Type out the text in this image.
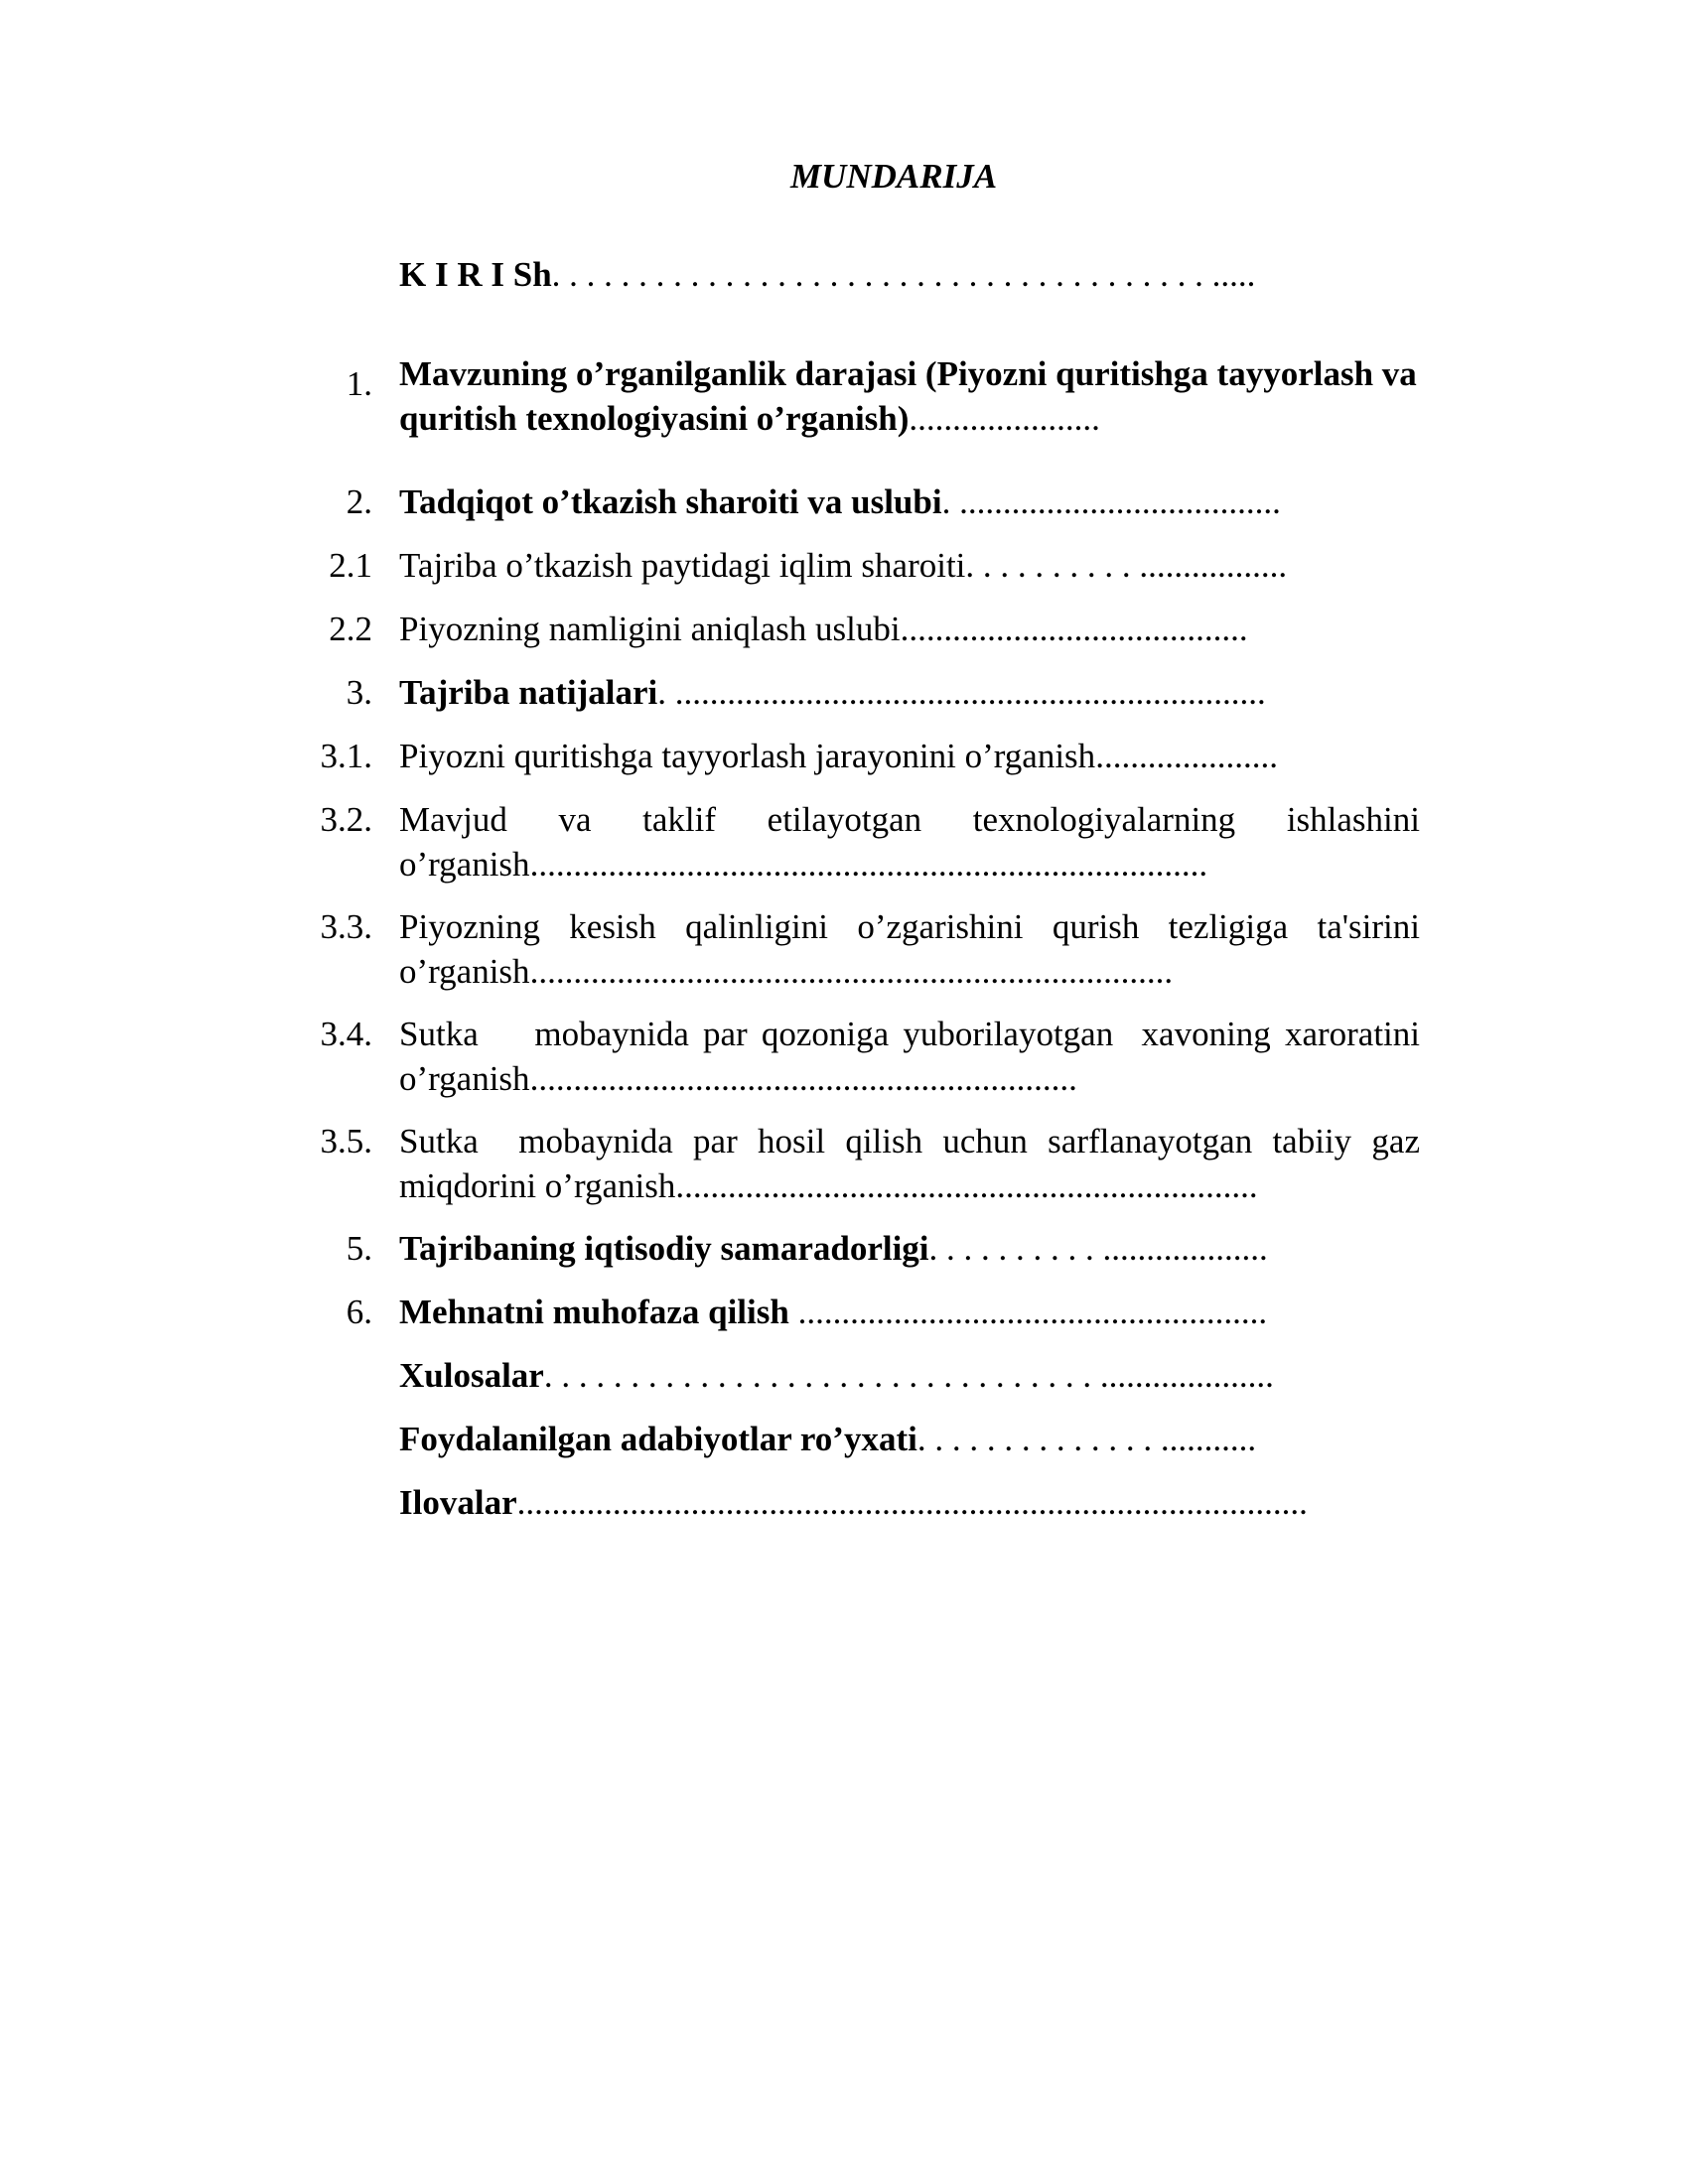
MUNDARIJA
K I R I Sh. . . . . . . . . . . . . . . . . . . . . . . . . . . . . . . . . . . . . . .....
1. Mavzuning o’rganilganlik darajasi (Piyozni quritishga tayyorlash va quritish texnologiyasini o’rganish)......................
2. Tadqiqot o’tkazish sharoiti va uslubi. .....................................
2.1 Tajriba o’tkazish paytidagi iqlim sharoiti. . . . . . . . . . .................
2.2 Piyozning namligini aniqlash uslubi........................................
3. Tajriba natijalari. ....................................................................
3.1. Piyozni quritishga tayyorlash jarayonini o’rganish.....................
3.2. Mavjud va taklif etilayotgan texnologiyalarning ishlashini o’rganish..............................................................................
3.3. Piyozning kesish qalinligini o’zgarishini qurish tezligiga ta'sirini o’rganish..........................................................................
3.4. Sutka    mobaynida par qozoniga yuborilayotgan  xavoning xaroratini o’rganish...............................................................
3.5. Sutka  mobaynida par hosil qilish uchun sarflanayotgan tabiiy gaz miqdorini o’rganish...................................................................
5. Tajribaning iqtisodiy samaradorligi. . . . . . . . . . ...................
6. Mehnatni muhofaza qilish ......................................................
Xulosalar. . . . . . . . . . . . . . . . . . . . . . . . . . . . . . . . ....................
Foydalanilgan adabiyotlar ro’yxati. . . . . . . . . . . . . . ...........
Ilovalar...........................................................................................
